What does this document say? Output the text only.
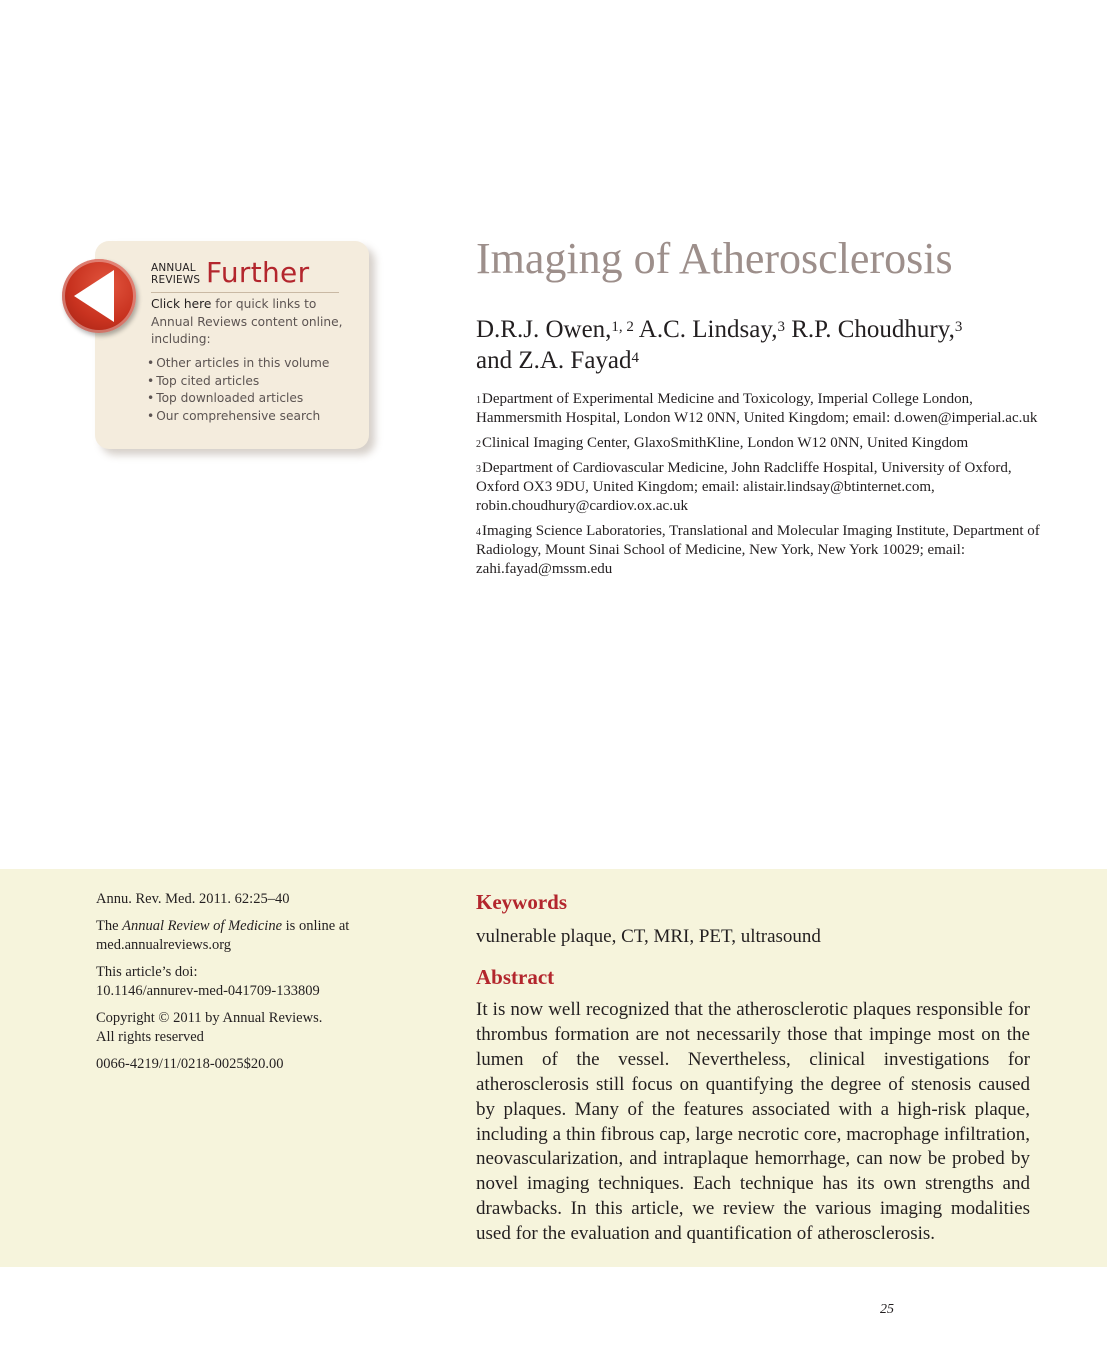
ANNUAL
REVIEWS Further
Click here for quick links to Annual Reviews content online, including:
• Other articles in this volume
• Top cited articles
• Top downloaded articles
• Our comprehensive search
Imaging of Atherosclerosis
D.R.J. Owen,$^{1, 2}$ A.C. Lindsay,$^3$ R.P. Choudhury,$^3$
and Z.A. Fayad$^4$

$^1$Department of Experimental Medicine and Toxicology, Imperial College London, Hammersmith Hospital, London W12 0NN, United Kingdom; email: d.owen@imperial.ac.uk

$^2$Clinical Imaging Center, GlaxoSmithKline, London W12 0NN, United Kingdom

$^3$Department of Cardiovascular Medicine, John Radcliffe Hospital, University of Oxford, Oxford OX3 9DU, United Kingdom; email: alistair.lindsay@btinternet.com, robin.choudhury@cardiov.ox.ac.uk

$^4$Imaging Science Laboratories, Translational and Molecular Imaging Institute, Department of Radiology, Mount Sinai School of Medicine, New York, New York 10029; email: zahi.fayad@mssm.edu

Annu. Rev. Med. 2011. 62:25–40

The Annual Review of Medicine is online at med.annualreviews.org

This article’s doi:
10.1146/annurev-med-041709-133809

Copyright © 2011 by Annual Reviews.
All rights reserved

0066-4219/11/0218-0025$20.00

Keywords
vulnerable plaque, CT, MRI, PET, ultrasound
Abstract

It is now well recognized that the atherosclerotic plaques responsible for thrombus formation are not necessarily those that impinge most on the lumen of the vessel. Nevertheless, clinical investigations for atherosclerosis still focus on quantifying the degree of stenosis caused by plaques. Many of the features associated with a high-risk plaque, including a thin fibrous cap, large necrotic core, macrophage infiltration, neovascularization, and intraplaque hemorrhage, can now be probed by novel imaging techniques. Each technique has its own strengths and drawbacks. In this article, we review the various imaging modalities used for the evaluation and quantification of atherosclerosis.

25
